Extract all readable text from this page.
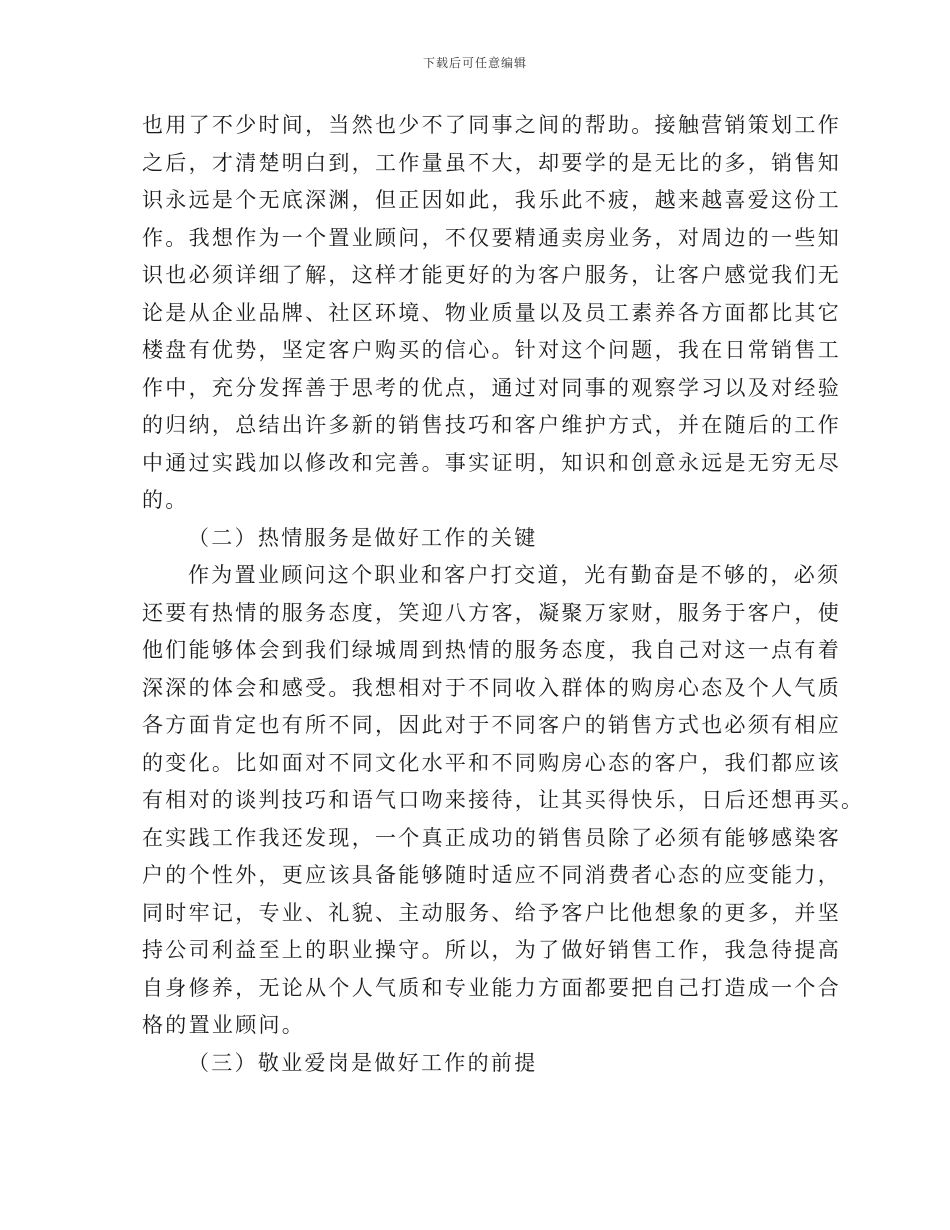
下载后可任意编辑
也用了不少时间，当然也少不了同事之间的帮助。接触营销策划工作
之后，才清楚明白到，工作量虽不大，却要学的是无比的多，销售知
识永远是个无底深渊，但正因如此，我乐此不疲，越来越喜爱这份工
作。我想作为一个置业顾问，不仅要精通卖房业务，对周边的一些知
识也必须详细了解，这样才能更好的为客户服务，让客户感觉我们无
论是从企业品牌、社区环境、物业质量以及员工素养各方面都比其它
楼盘有优势，坚定客户购买的信心。针对这个问题，我在日常销售工
作中，充分发挥善于思考的优点，通过对同事的观察学习以及对经验
的归纳，总结出许多新的销售技巧和客户维护方式，并在随后的工作
中通过实践加以修改和完善。事实证明，知识和创意永远是无穷无尽
的。
（二）热情服务是做好工作的关键
作为置业顾问这个职业和客户打交道，光有勤奋是不够的，必须
还要有热情的服务态度，笑迎八方客，凝聚万家财，服务于客户，使
他们能够体会到我们绿城周到热情的服务态度，我自己对这一点有着
深深的体会和感受。我想相对于不同收入群体的购房心态及个人气质
各方面肯定也有所不同，因此对于不同客户的销售方式也必须有相应
的变化。比如面对不同文化水平和不同购房心态的客户，我们都应该
有相对的谈判技巧和语气口吻来接待，让其买得快乐，日后还想再买。
在实践工作我还发现，一个真正成功的销售员除了必须有能够感染客
户的个性外，更应该具备能够随时适应不同消费者心态的应变能力，
同时牢记，专业、礼貌、主动服务、给予客户比他想象的更多，并坚
持公司利益至上的职业操守。所以，为了做好销售工作，我急待提高
自身修养，无论从个人气质和专业能力方面都要把自己打造成一个合
格的置业顾问。
（三）敬业爱岗是做好工作的前提
